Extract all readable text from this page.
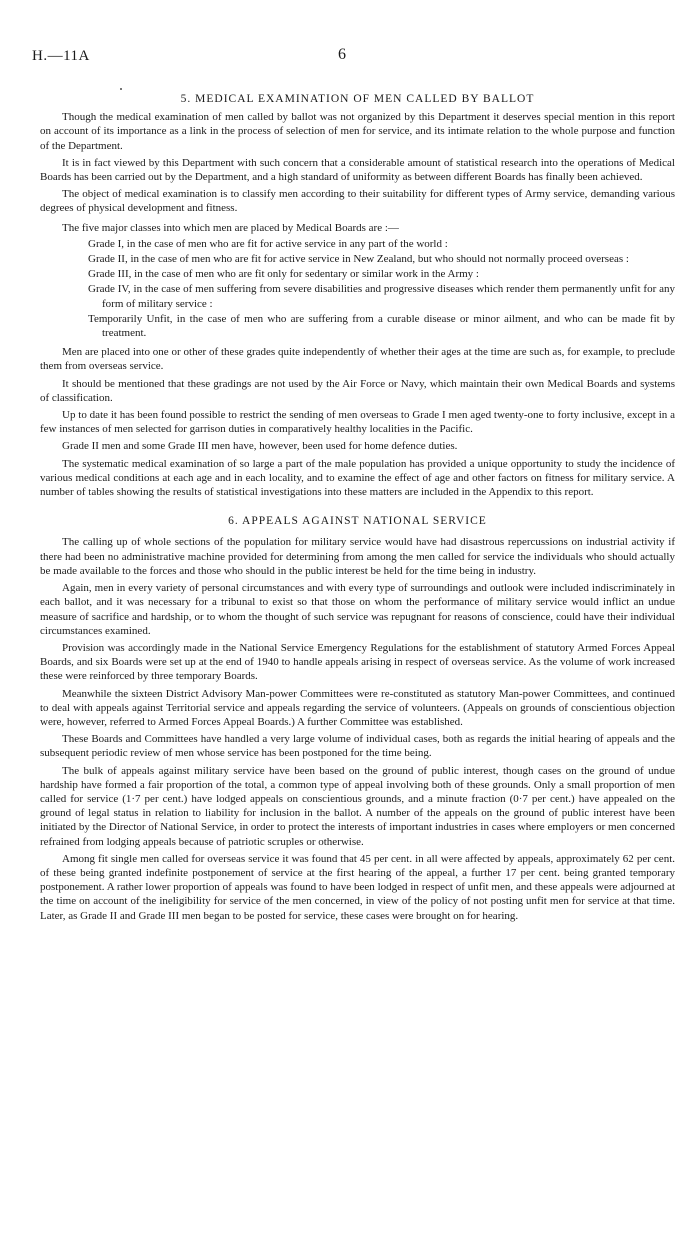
H.—11A	6
5. MEDICAL EXAMINATION OF MEN CALLED BY BALLOT

Though the medical examination of men called by ballot was not organized by this Department it deserves special mention in this report on account of its importance as a link in the process of selection of men for service, and its intimate relation to the whole purpose and function of the Department.

It is in fact viewed by this Department with such concern that a considerable amount of statistical research into the operations of Medical Boards has been carried out by the Department, and a high standard of uniformity as between different Boards has finally been achieved.

The object of medical examination is to classify men according to their suitability for different types of Army service, demanding various degrees of physical development and fitness.

The five major classes into which men are placed by Medical Boards are :—

Grade I, in the case of men who are fit for active service in any part of the world :
Grade II, in the case of men who are fit for active service in New Zealand, but who should not normally proceed overseas :
Grade III, in the case of men who are fit only for sedentary or similar work in the Army :
Grade IV, in the case of men suffering from severe disabilities and progressive diseases which render them permanently unfit for any form of military service :
Temporarily Unfit, in the case of men who are suffering from a curable disease or minor ailment, and who can be made fit by treatment.

Men are placed into one or other of these grades quite independently of whether their ages at the time are such as, for example, to preclude them from overseas service.

It should be mentioned that these gradings are not used by the Air Force or Navy, which maintain their own Medical Boards and systems of classification.

Up to date it has been found possible to restrict the sending of men overseas to Grade I men aged twenty-one to forty inclusive, except in a few instances of men selected for garrison duties in comparatively healthy localities in the Pacific.

Grade II men and some Grade III men have, however, been used for home defence duties.

The systematic medical examination of so large a part of the male population has provided a unique opportunity to study the incidence of various medical conditions at each age and in each locality, and to examine the effect of age and other factors on fitness for military service. A number of tables showing the results of statistical investigations into these matters are included in the Appendix to this report.

6. APPEALS AGAINST NATIONAL SERVICE

The calling up of whole sections of the population for military service would have had disastrous repercussions on industrial activity if there had been no administrative machine provided for determining from among the men called for service the individuals who should actually be made available to the forces and those who should in the public interest be held for the time being in industry.

Again, men in every variety of personal circumstances and with every type of surroundings and outlook were included indiscriminately in each ballot, and it was necessary for a tribunal to exist so that those on whom the performance of military service would inflict an undue measure of sacrifice and hardship, or to whom the thought of such service was repugnant for reasons of conscience, could have their individual circumstances examined.

Provision was accordingly made in the National Service Emergency Regulations for the establishment of statutory Armed Forces Appeal Boards, and six Boards were set up at the end of 1940 to handle appeals arising in respect of overseas service. As the volume of work increased these were reinforced by three temporary Boards.

Meanwhile the sixteen District Advisory Man-power Committees were re-constituted as statutory Man-power Committees, and continued to deal with appeals against Territorial service and appeals regarding the service of volunteers. (Appeals on grounds of conscientious objection were, however, referred to Armed Forces Appeal Boards.) A further Committee was established.

These Boards and Committees have handled a very large volume of individual cases, both as regards the initial hearing of appeals and the subsequent periodic review of men whose service has been postponed for the time being.

The bulk of appeals against military service have been based on the ground of public interest, though cases on the ground of undue hardship have formed a fair proportion of the total, a common type of appeal involving both of these grounds. Only a small proportion of men called for service (1·7 per cent.) have lodged appeals on conscientious grounds, and a minute fraction (0·7 per cent.) have appealed on the ground of legal status in relation to liability for inclusion in the ballot. A number of the appeals on the ground of public interest have been initiated by the Director of National Service, in order to protect the interests of important industries in cases where employers or men concerned refrained from lodging appeals because of patriotic scruples or otherwise.

Among fit single men called for overseas service it was found that 45 per cent. in all were affected by appeals, approximately 62 per cent. of these being granted indefinite postponement of service at the first hearing of the appeal, a further 17 per cent. being granted temporary postponement. A rather lower proportion of appeals was found to have been lodged in respect of unfit men, and these appeals were adjourned at the time on account of the ineligibility for service of the men concerned, in view of the policy of not posting unfit men for service at that time. Later, as Grade II and Grade III men began to be posted for service, these cases were brought on for hearing.
